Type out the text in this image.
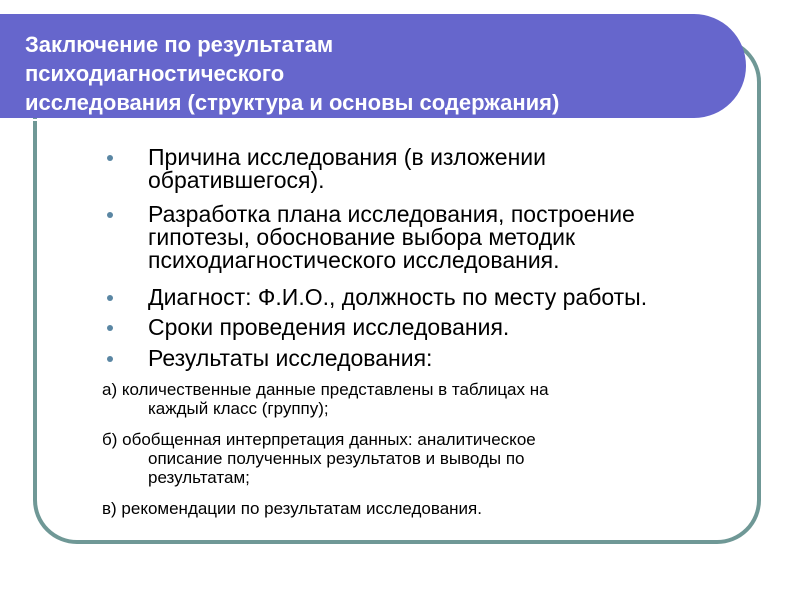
Заключение по результатам
психодиагностического
исследования (структура и основы содержания)
Причина исследования (в изложении
обратившегося).
Разработка плана исследования, построение
гипотезы, обоснование выбора методик
психодиагностического исследования.
Диагност: Ф.И.О., должность по месту работы.
Сроки проведения исследования.
Результаты исследования:
а) количественные данные представлены в таблицах на
каждый класс (группу);
б) обобщенная интерпретация данных: аналитическое
описание полученных результатов и выводы по
результатам;
в) рекомендации по результатам исследования.
